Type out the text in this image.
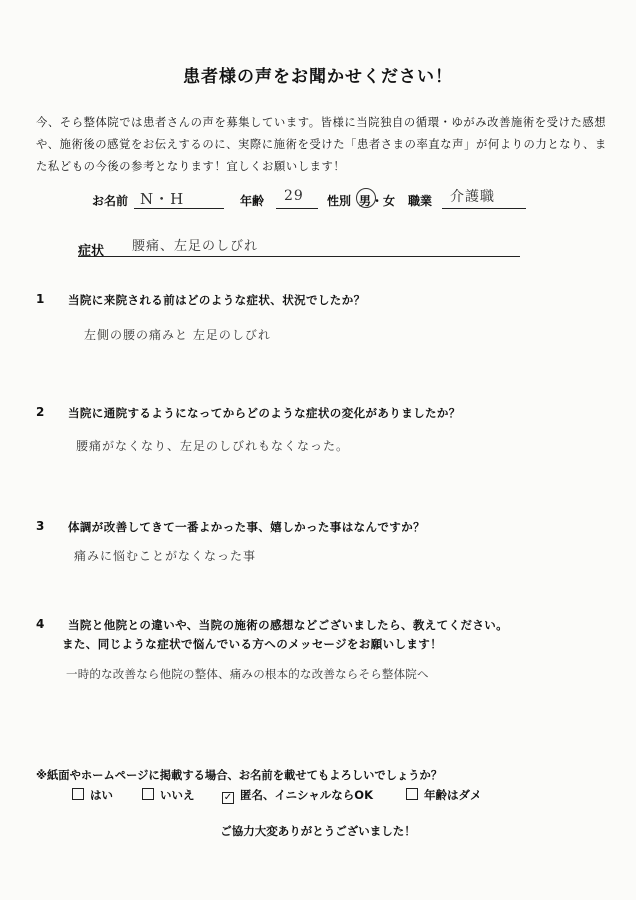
患者様の声をお聞かせください！
今、そら整体院では患者さんの声を募集しています。皆様に当院独自の循環・ゆがみ改善施術を受けた感想や、施術後の感覚をお伝えするのに、実際に施術を受けた「患者さまの率直な声」が何よりの力となり、また私どもの今後の参考となります！宜しくお願いします！
お名前 N・H	年齢 29 性別 男・女 職業 介護職
症状 腰痛、左足のしびれ
1 当院に来院される前はどのような症状、状況でしたか？
左側の腰の痛みと 左足のしびれ
2 当院に通院するようになってからどのような症状の変化がありましたか？
腰痛がなくなり、左足のしびれもなくなった。
3 体調が改善してきて一番よかった事、嬉しかった事はなんですか？
痛みに悩むことがなくなった事
4 当院と他院との違いや、当院の施術の感想などございましたら、教えてください。
また、同じような症状で悩んでいる方へのメッセージをお願いします！
一時的な改善なら他院の整体、痛みの根本的な改善ならそら整体院へ
※紙面やホームページに掲載する場合、お名前を載せてもよろしいでしょうか？
はい	いいえ	✓ 匿名、イニシャルならOK	年齢はダメ
ご協力大変ありがとうございました！
